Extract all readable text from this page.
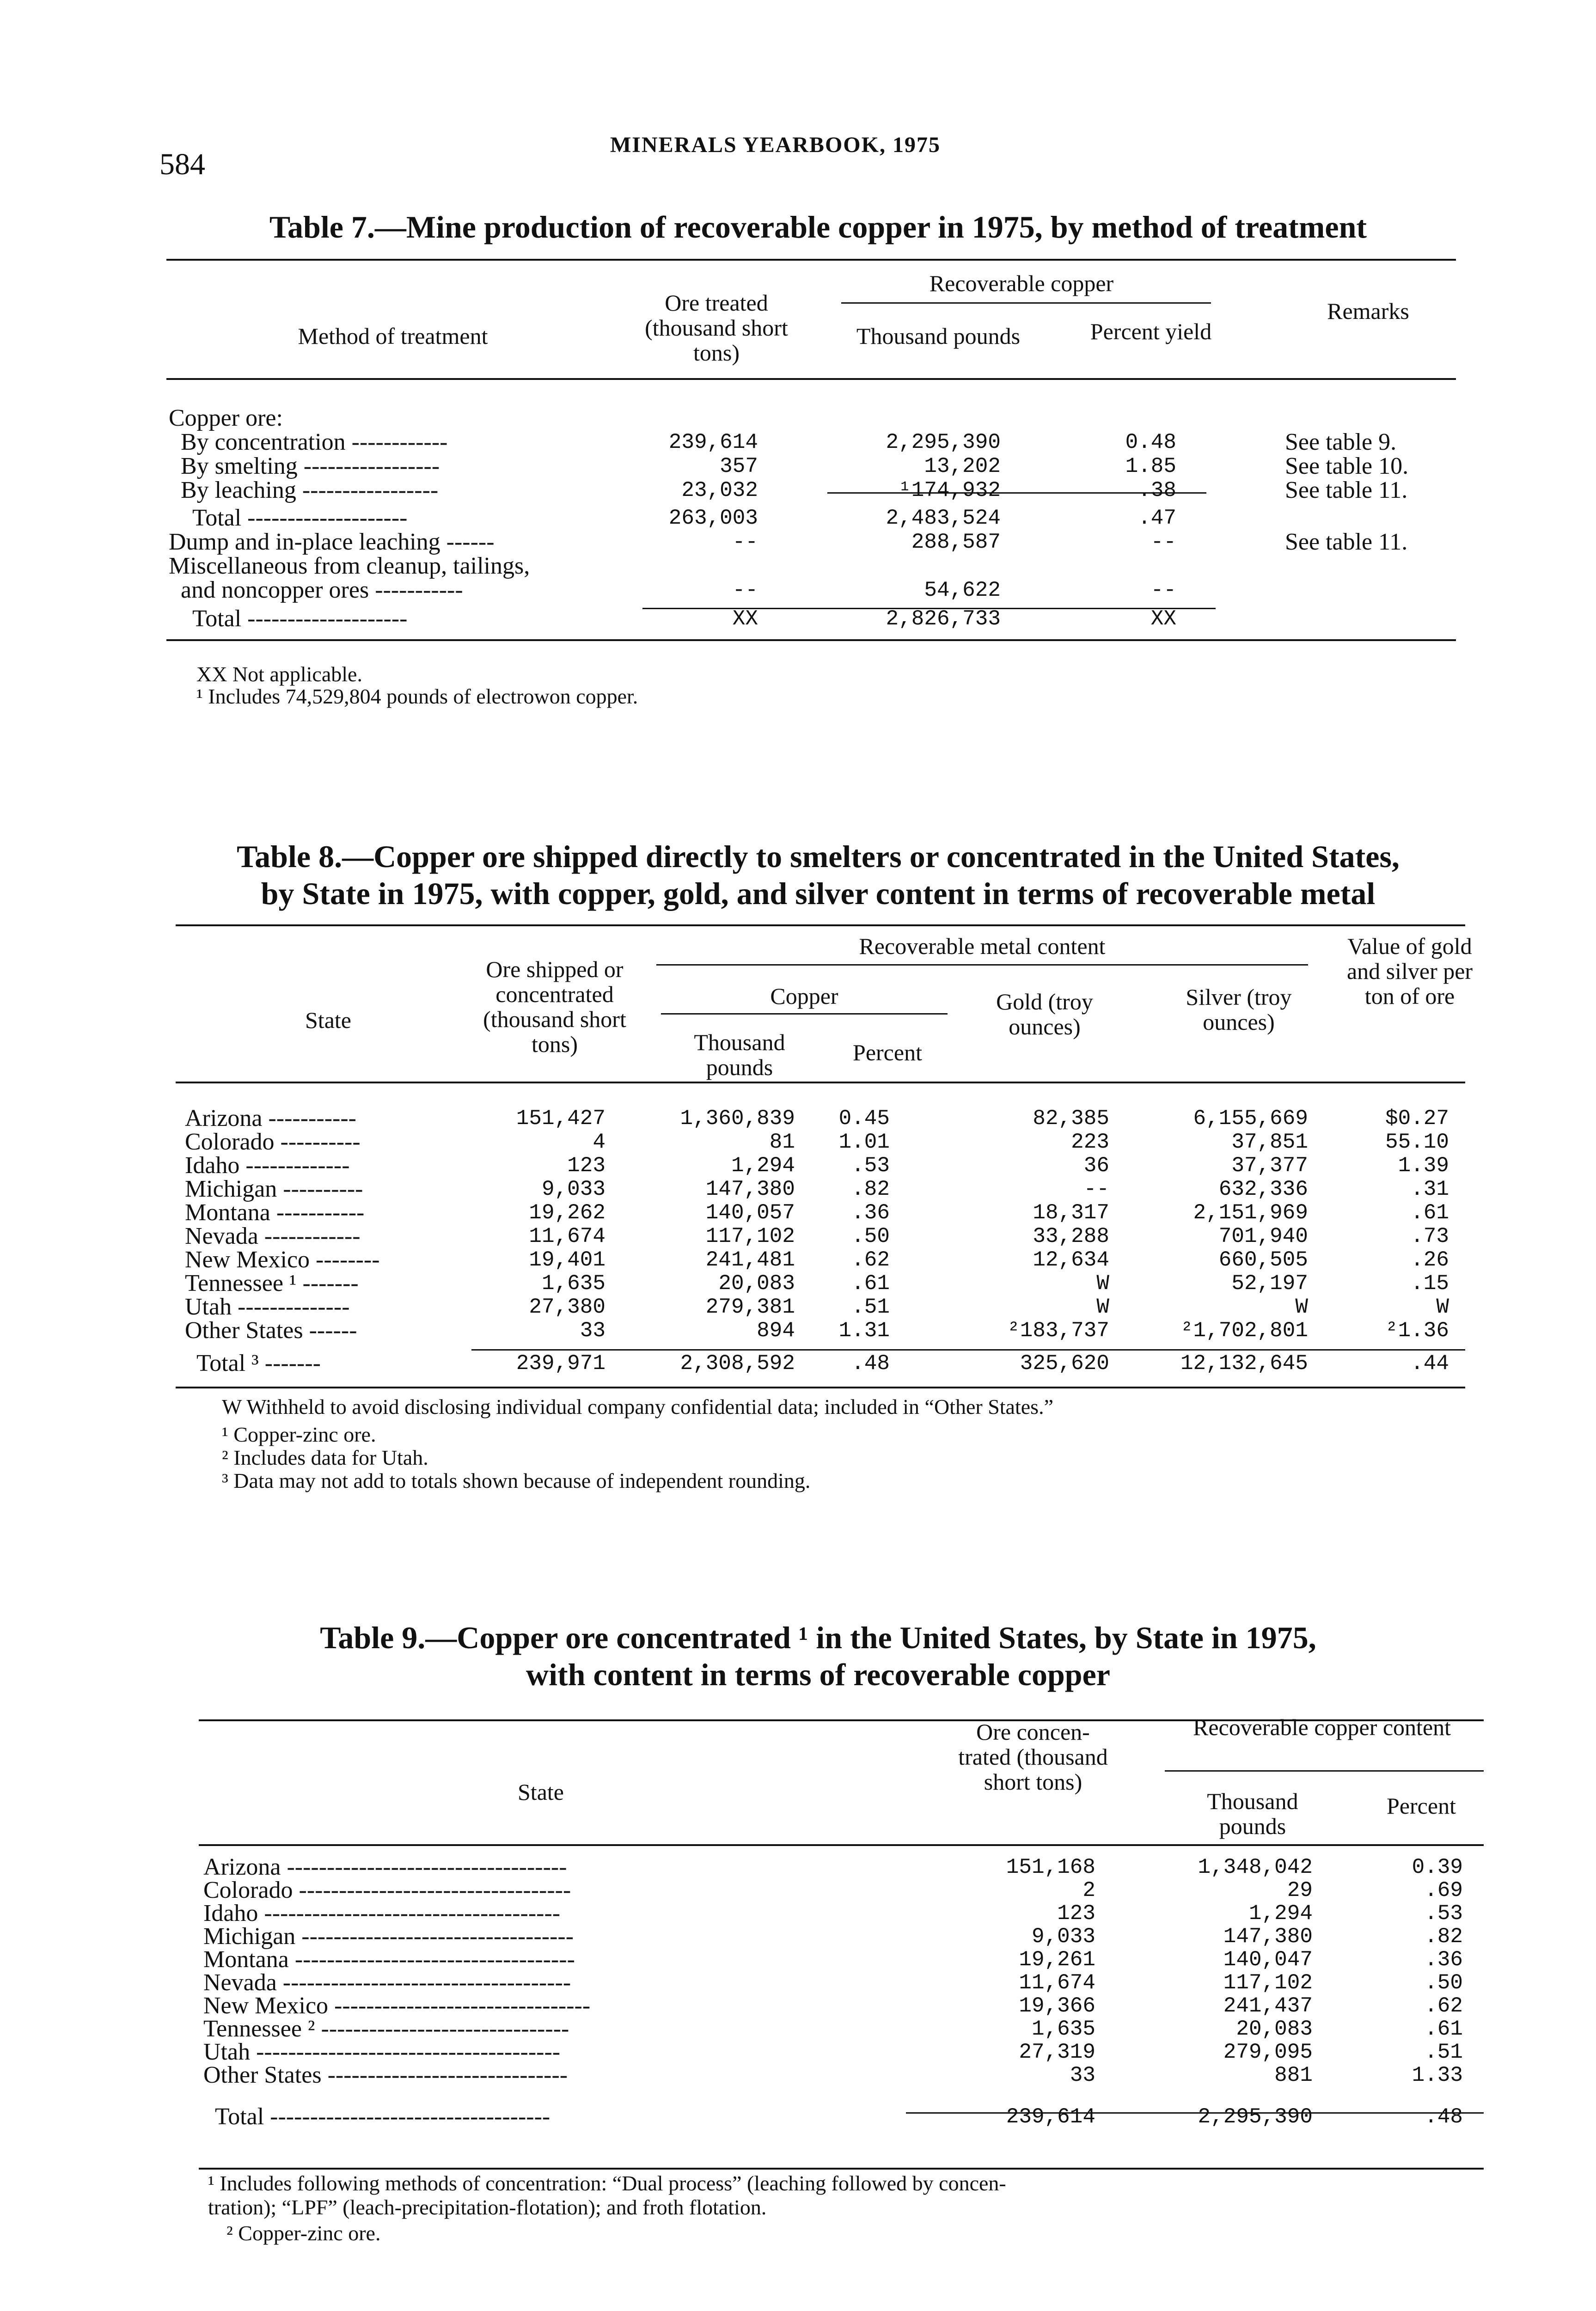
584
MINERALS YEARBOOK, 1975
Table 7.—Mine production of recoverable copper in 1975, by method of treatment
Method of treatment
Ore treated (thousand short tons)
Recoverable copper
Thousand pounds	Percent yield
Remarks
Copper ore:
By concentration ------------	239,614	2,295,390	0.48	See table 9.
By smelting -----------------	357	13,202	1.85	See table 10.
By leaching -----------------	23,032	¹174,932	.38	See table 11.
Total --------------------	263,003	2,483,524	.47
Dump and in-place leaching ------	--	288,587	--	See table 11.
Miscellaneous from cleanup, tailings,
and noncopper ores -----------	--	54,622	--
Total --------------------	XX	2,826,733	XX
XX Not applicable.
¹ Includes 74,529,804 pounds of electrowon copper.
Table 8.—Copper ore shipped directly to smelters or concentrated in the United States,
by State in 1975, with copper, gold, and silver content in terms of recoverable metal
State
Ore shipped or concentrated (thousand short tons)
Recoverable metal content
Copper
Thousand pounds
Percent
Gold (troy ounces)
Silver (troy ounces)
Value of gold and silver per ton of ore
Arizona -----------	151,427	1,360,839 0.45	82,385	6,155,669	$0.27
Colorado ----------	4	81 1.01	223	37,851	55.10
Idaho -------------	123	1,294	.53	36	37,377	1.39
Michigan ----------	9,033	147,380	.82	--	632,336	.31
Montana -----------	19,262	140,057	.36	18,317	2,151,969	.61
Nevada ------------	11,674	117,102	.50	33,288	701,940	.73
New Mexico --------	19,401	241,481	.62	12,634	660,505	.26
Tennessee ¹ -------	1,635	20,083	.61	W	52,197	.15
Utah --------------	27,380	279,381	.51	W	W	W
Other States ------	33	894 1.31	²183,737	²1,702,801	²1.36
Total ³ -------	239,971	2,308,592	.48	325,620	12,132,645	.44
W Withheld to avoid disclosing individual company confidential data; included in “Other States.”
¹ Copper-zinc ore.
² Includes data for Utah.
³ Data may not add to totals shown because of independent rounding.
Table 9.—Copper ore concentrated ¹ in the United States, by State in 1975,
with content in terms of recoverable copper
State
Ore concen- trated (thousand short tons)
Recoverable copper content
Thousand pounds
Percent
Arizona -----------------------------------	151,168	1,348,042	0.39
Colorado ----------------------------------	2	29	.69
Idaho -------------------------------------	123	1,294	.53
Michigan ----------------------------------	9,033	147,380	.82
Montana -----------------------------------	19,261	140,047	.36
Nevada ------------------------------------	11,674	117,102	.50
New Mexico --------------------------------	19,366	241,437	.62
Tennessee ² -------------------------------	1,635	20,083	.61
Utah --------------------------------------	27,319	279,095	.51
Other States ------------------------------	33	881	1.33
Total -----------------------------------	239,614	2,295,390	.48
¹ Includes following methods of concentration: “Dual process” (leaching followed by concen-
tration); “LPF” (leach-precipitation-flotation); and froth flotation.
² Copper-zinc ore.
